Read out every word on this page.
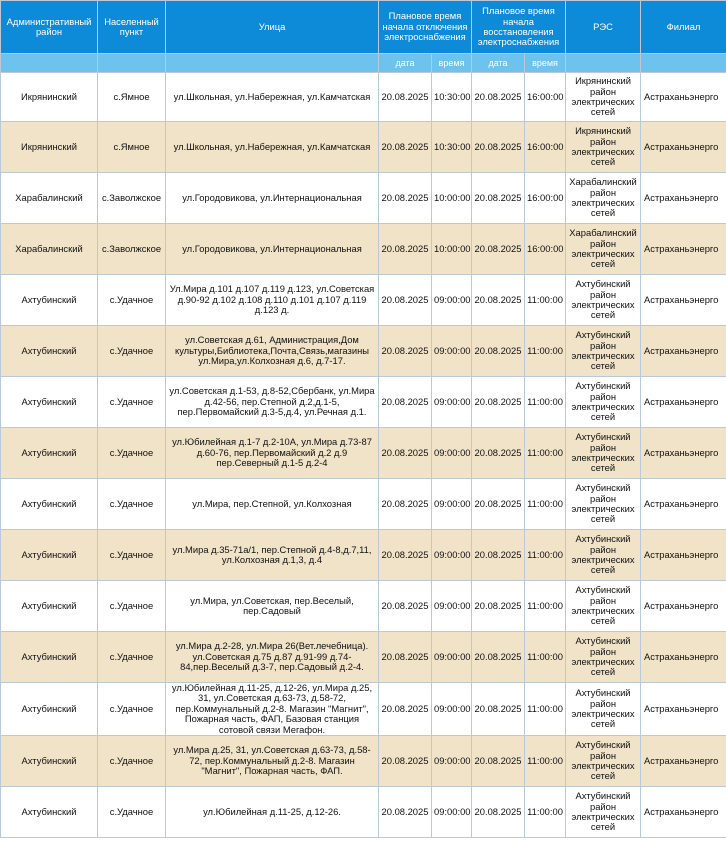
Административный район	Населенный пункт	Улица	Плановое время начала отключения электроснабжения		Плановое время начала восстановления электроснабжения		РЭС	Филиал
			дата	время	дата	время		
Икрянинский	с.Ямное	ул.Школьная, ул.Набережная, ул.Камчатская	20.08.2025	10:30:00	20.08.2025	16:00:00	Икрянинский район электрических сетей	Астраханьэнерго
Икрянинский	с.Ямное	ул.Школьная, ул.Набережная, ул.Камчатская	20.08.2025	10:30:00	20.08.2025	16:00:00	Икрянинский район электрических сетей	Астраханьэнерго
Харабалинский	с.Заволжское	ул.Городовикова, ул.Интернациональная	20.08.2025	10:00:00	20.08.2025	16:00:00	Харабалинский район электрических сетей	Астраханьэнерго
Харабалинский	с.Заволжское	ул.Городовикова, ул.Интернациональная	20.08.2025	10:00:00	20.08.2025	16:00:00	Харабалинский район электрических сетей	Астраханьэнерго
Ахтубинский	с.Удачное	Ул.Мира д.101 д.107 д.119 д.123, ул.Советская д.90-92 д.102 д.108 д.110 д.101 д.107 д.119 д.123 д.	20.08.2025	09:00:00	20.08.2025	11:00:00	Ахтубинский район электрических сетей	Астраханьэнерго
Ахтубинский	с.Удачное	ул.Советская д.61, Администрация,Дом культуры,Библиотека,Почта,Связь,магазины ул.Мира,ул.Колхозная д.6, д.7-17.	20.08.2025	09:00:00	20.08.2025	11:00:00	Ахтубинский район электрических сетей	Астраханьэнерго
Ахтубинский	с.Удачное	ул.Советская д.1-53, д.8-52,Сбербанк, ул.Мира д.42-56, пер.Степной д.2,д.1-5, пер.Первомайский д.3-5,д.4, ул.Речная д.1.	20.08.2025	09:00:00	20.08.2025	11:00:00	Ахтубинский район электрических сетей	Астраханьэнерго
Ахтубинский	с.Удачное	ул.Юбилейная д.1-7 д.2-10А, ул.Мира д.73-87 д.60-76, пер.Первомайский д.2 д.9 пер.Северный д.1-5 д.2-4	20.08.2025	09:00:00	20.08.2025	11:00:00	Ахтубинский район электрических сетей	Астраханьэнерго
Ахтубинский	с.Удачное	ул.Мира, пер.Степной, ул.Колхозная	20.08.2025	09:00:00	20.08.2025	11:00:00	Ахтубинский район электрических сетей	Астраханьэнерго
Ахтубинский	с.Удачное	ул.Мира д.35-71а/1, пер.Степной д.4-8,д.7,11, ул.Колхозная д.1,3, д.4	20.08.2025	09:00:00	20.08.2025	11:00:00	Ахтубинский район электрических сетей	Астраханьэнерго
Ахтубинский	с.Удачное	ул.Мира, ул.Советская, пер.Веселый, пер.Садовый	20.08.2025	09:00:00	20.08.2025	11:00:00	Ахтубинский район электрических сетей	Астраханьэнерго
Ахтубинский	с.Удачное	ул.Мира д.2-28, ул.Мира 26(Вет.лечебница). ул.Советская д.75 д.87 д.91-99 д.74-84,пер.Веселый д.3-7, пер.Садовый д.2-4.	20.08.2025	09:00:00	20.08.2025	11:00:00	Ахтубинский район электрических сетей	Астраханьэнерго
Ахтубинский	с.Удачное	ул.Юбилейная д.11-25, д.12-26, ул.Мира д.25, 31, ул.Советская д.63-73, д.58-72, пер.Коммунальный д.2-8. Магазин "Магнит", Пожарная часть, ФАП, Базовая станция сотовой связи Мегафон.	20.08.2025	09:00:00	20.08.2025	11:00:00	Ахтубинский район электрических сетей	Астраханьэнерго
Ахтубинский	с.Удачное	ул.Мира д.25, 31, ул.Советская д.63-73, д.58-72, пер.Коммунальный д.2-8. Магазин "Магнит", Пожарная часть, ФАП.	20.08.2025	09:00:00	20.08.2025	11:00:00	Ахтубинский район электрических сетей	Астраханьэнерго
Ахтубинский	с.Удачное	ул.Юбилейная д.11-25, д.12-26.	20.08.2025	09:00:00	20.08.2025	11:00:00	Ахтубинский район электрических сетей	Астраханьэнерго
